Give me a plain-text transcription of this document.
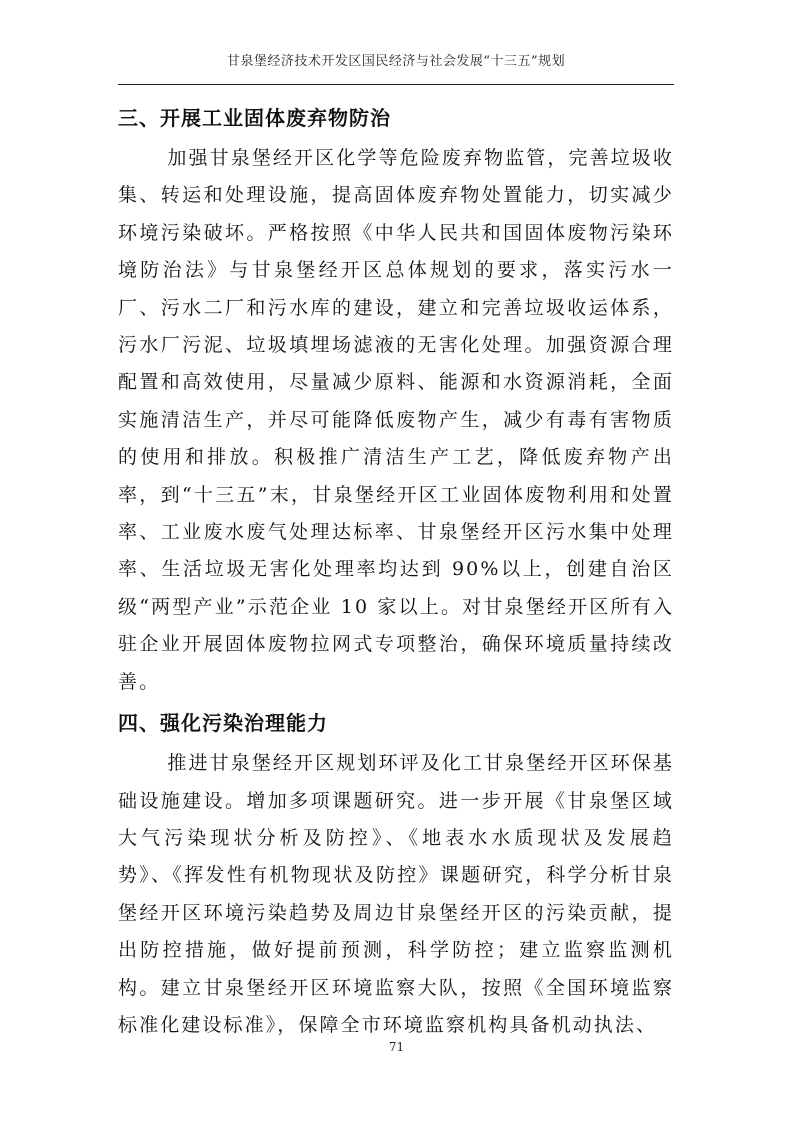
甘泉堡经济技术开发区国民经济与社会发展“十三五”规划
三、开展工业固体废弃物防治

加强甘泉堡经开区化学等危险废弃物监管，完善垃圾收集、转运和处理设施，提高固体废弃物处置能力，切实减少环境污染破坏。严格按照《中华人民共和国固体废物污染环境防治法》与甘泉堡经开区总体规划的要求，落实污水一厂、污水二厂和污水库的建设，建立和完善垃圾收运体系，污水厂污泥、垃圾填埋场滤液的无害化处理。加强资源合理配置和高效使用，尽量减少原料、能源和水资源消耗，全面实施清洁生产，并尽可能降低废物产生，减少有毒有害物质的使用和排放。积极推广清洁生产工艺，降低废弃物产出率，到“十三五”末，甘泉堡经开区工业固体废物利用和处置率、工业废水废气处理达标率、甘泉堡经开区污水集中处理率、生活垃圾无害化处理率均达到 90%以上，创建自治区级“两型产业”示范企业 10 家以上。对甘泉堡经开区所有入驻企业开展固体废物拉网式专项整治，确保环境质量持续改善。

四、强化污染治理能力

推进甘泉堡经开区规划环评及化工甘泉堡经开区环保基础设施建设。增加多项课题研究。进一步开展《甘泉堡区域大气污染现状分析及防控》、《地表水水质现状及发展趋势》、《挥发性有机物现状及防控》课题研究，科学分析甘泉堡经开区环境污染趋势及周边甘泉堡经开区的污染贡献，提出防控措施，做好提前预测，科学防控；建立监察监测机构。建立甘泉堡经开区环境监察大队，按照《全国环境监察标准化建设标准》，保障全市环境监察机构具备机动执法、

71
